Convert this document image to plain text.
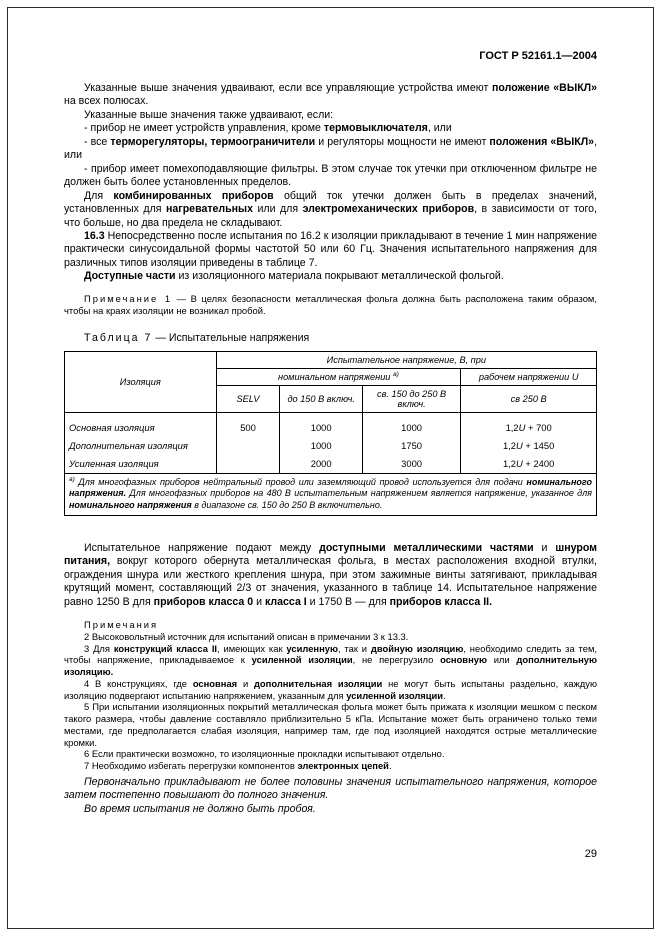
ГОСТ Р 52161.1—2004

Указанные выше значения удваивают, если все управляющие устройства имеют положение «ВЫКЛ» на всех полюсах.

Указанные выше значения также удваивают, если:

- прибор не имеет устройств управления, кроме термовыключателя, или

- все терморегуляторы, термоограничители и регуляторы мощности не имеют положения «ВЫКЛ», или

- прибор имеет помехоподавляющие фильтры. В этом случае ток утечки при отключенном фильтре не должен быть более установленных пределов.

Для комбинированных приборов общий ток утечки должен быть в пределах значений, установленных для нагревательных или для электромеханических приборов, в зависимости от того, что больше, но два предела не складывают.

16.3 Непосредственно после испытания по 16.2 к изоляции прикладывают в течение 1 мин напряжение практически синусоидальной формы частотой 50 или 60 Гц. Значения испытательного напряжения для различных типов изоляции приведены в таблице 7.

Доступные части из изоляционного материала покрывают металлической фольгой.

Примечание 1 — В целях безопасности металлическая фольга должна быть расположена таким образом, чтобы на краях изоляции не возникал пробой.

Таблица 7 — Испытательные напряжения

Изоляция	Испытательное напряжение, В, при			
	номинальном напряжении $^{а)}$			рабочем напряжении U
	SELV	до 150 В включ.	св. 150 до 250 В включ.	св 250 В
Основная изоляция	500	1000	1000	1,2U + 700
Дополнительная изоляция		1000	1750	1,2U + 1450
Усиленная изоляция		2000	3000	1,2U + 2400
$^{а)}$ Для многофазных приборов нейтральный провод или заземляющий провод используется для подачи номинального напряжения. Для многофазных приборов на 480 В испытательным напряжением является напряжение, указанное для номинального напряжения в диапазоне св. 150 до 250 В включительно.				

Испытательное напряжение подают между доступными металлическими частями и шнуром питания, вокруг которого обернута металлическая фольга, в местах расположения входной втулки, ограждения шнура или жесткого крепления шнура, при этом зажимные винты затягивают, прикладывая крутящий момент, составляющий 2/3 от значения, указанного в таблице 14. Испытательное напряжение равно 1250 В для приборов класса 0 и класса I и 1750 В — для приборов класса II.

Примечания

2 Высоковольтный источник для испытаний описан в примечании 3 к 13.3.

3 Для конструкций класса II, имеющих как усиленную, так и двойную изоляцию, необходимо следить за тем, чтобы напряжение, прикладываемое к усиленной изоляции, не перегрузило основную или дополнительную изоляцию.

4 В конструкциях, где основная и дополнительная изоляции не могут быть испытаны раздельно, каждую изоляцию подвергают испытанию напряжением, указанным для усиленной изоляции.

5 При испытании изоляционных покрытий металлическая фольга может быть прижата к изоляции мешком с песком такого размера, чтобы давление составляло приблизительно 5 кПа. Испытание может быть ограничено только теми местами, где предполагается слабая изоляция, например там, где под изоляцией находятся острые металлические кромки.

6 Если практически возможно, то изоляционные прокладки испытывают отдельно.

7 Необходимо избегать перегрузки компонентов электронных цепей.

Первоначально прикладывают не более половины значения испытательного напряжения, которое затем постепенно повышают до полного значения.

Во время испытания не должно быть пробоя.

29
